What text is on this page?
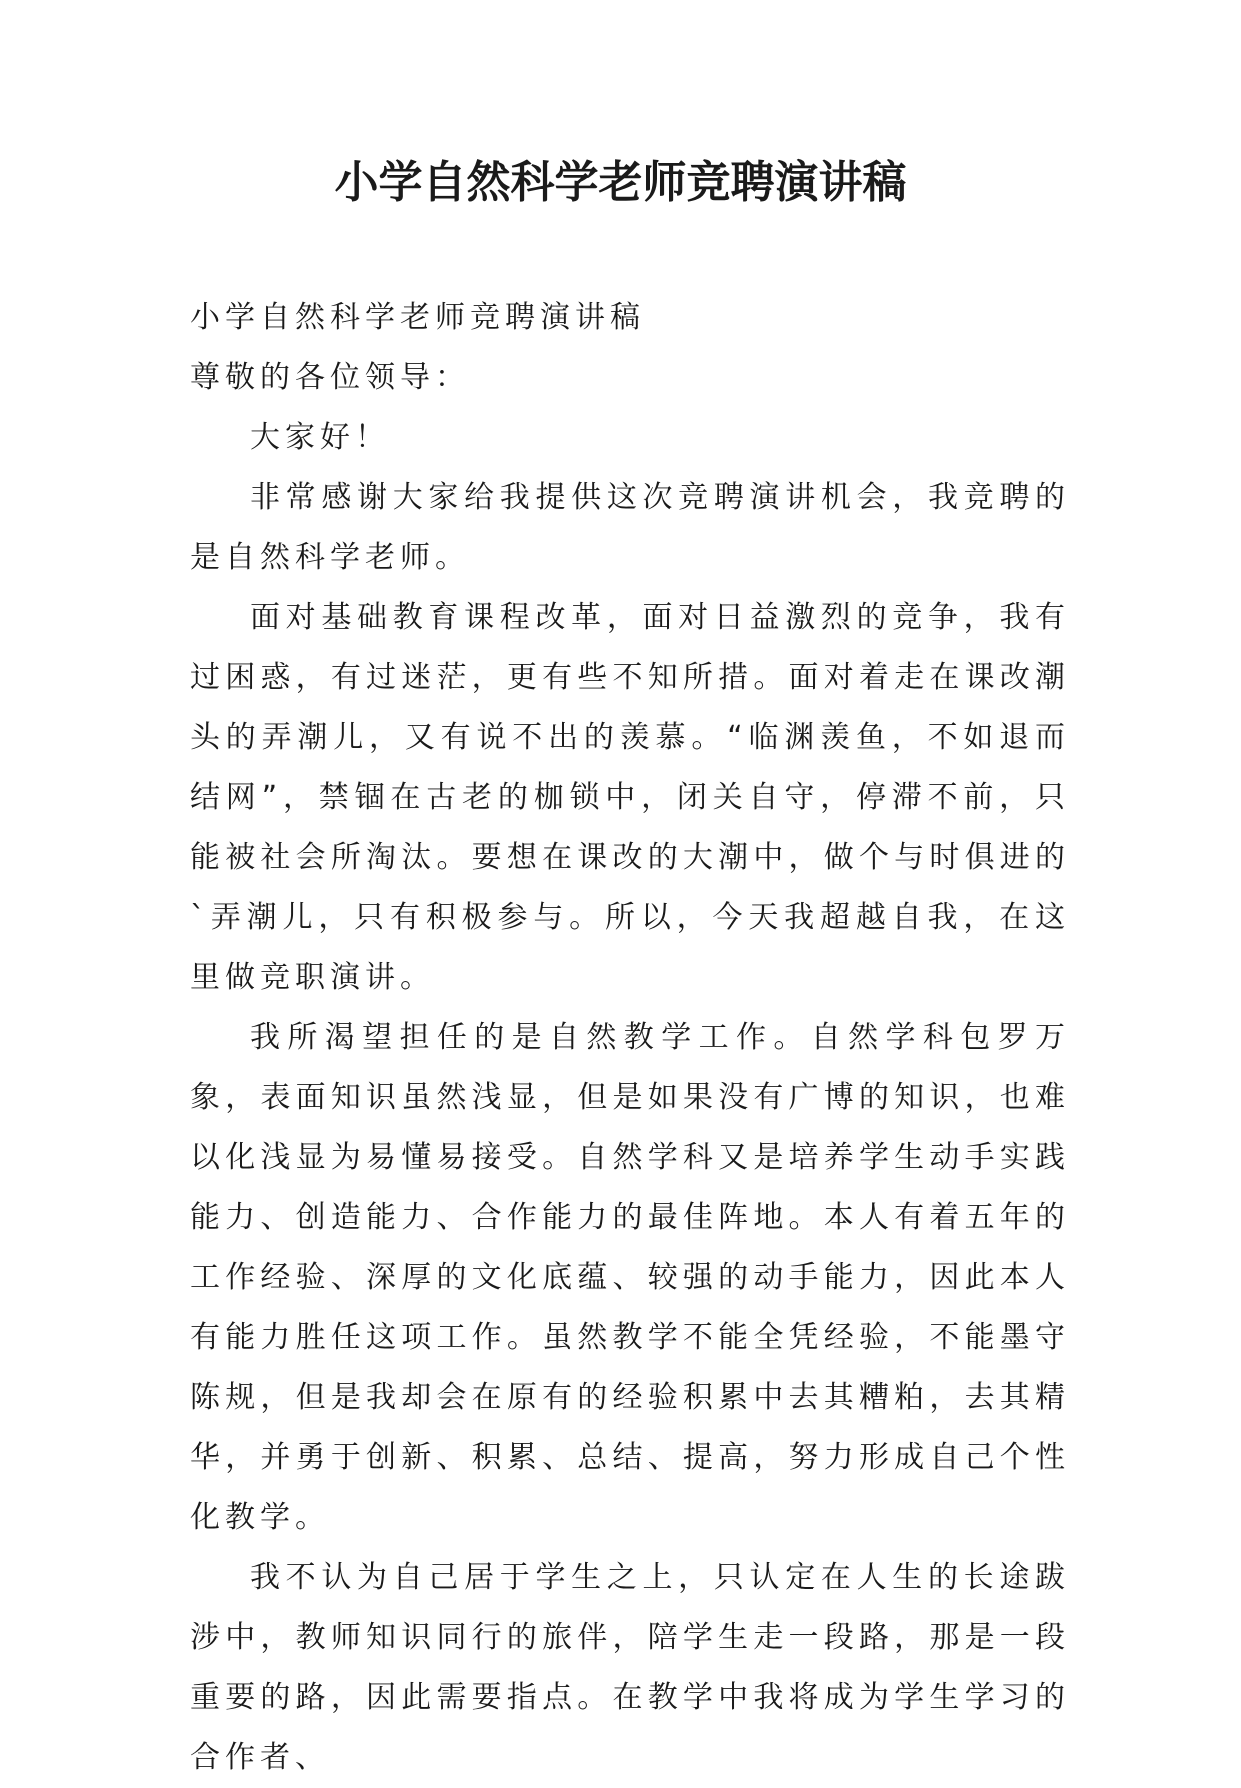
小学自然科学老师竞聘演讲稿

小学自然科学老师竞聘演讲稿

尊敬的各位领导：

大家好！

非常感谢大家给我提供这次竞聘演讲机会，我竞聘的是自然科学老师。

面对基础教育课程改革，面对日益激烈的竞争，我有过困惑，有过迷茫，更有些不知所措。面对着走在课改潮头的弄潮儿，又有说不出的羡慕。“临渊羡鱼，不如退而结网”，禁锢在古老的枷锁中，闭关自守，停滞不前，只能被社会所淘汰。要想在课改的大潮中，做个与时俱进的`弄潮儿，只有积极参与。所以，今天我超越自我，在这里做竞职演讲。

我所渴望担任的是自然教学工作。自然学科包罗万象，表面知识虽然浅显，但是如果没有广博的知识，也难以化浅显为易懂易接受。自然学科又是培养学生动手实践能力、创造能力、合作能力的最佳阵地。本人有着五年的工作经验、深厚的文化底蕴、较强的动手能力，因此本人有能力胜任这项工作。虽然教学不能全凭经验，不能墨守陈规，但是我却会在原有的经验积累中去其糟粕，去其精华，并勇于创新、积累、总结、提高，努力形成自己个性化教学。

我不认为自己居于学生之上，只认定在人生的长途跋涉中，教师知识同行的旅伴，陪学生走一段路，那是一段重要的路，因此需要指点。在教学中我将成为学生学习的合作者、
